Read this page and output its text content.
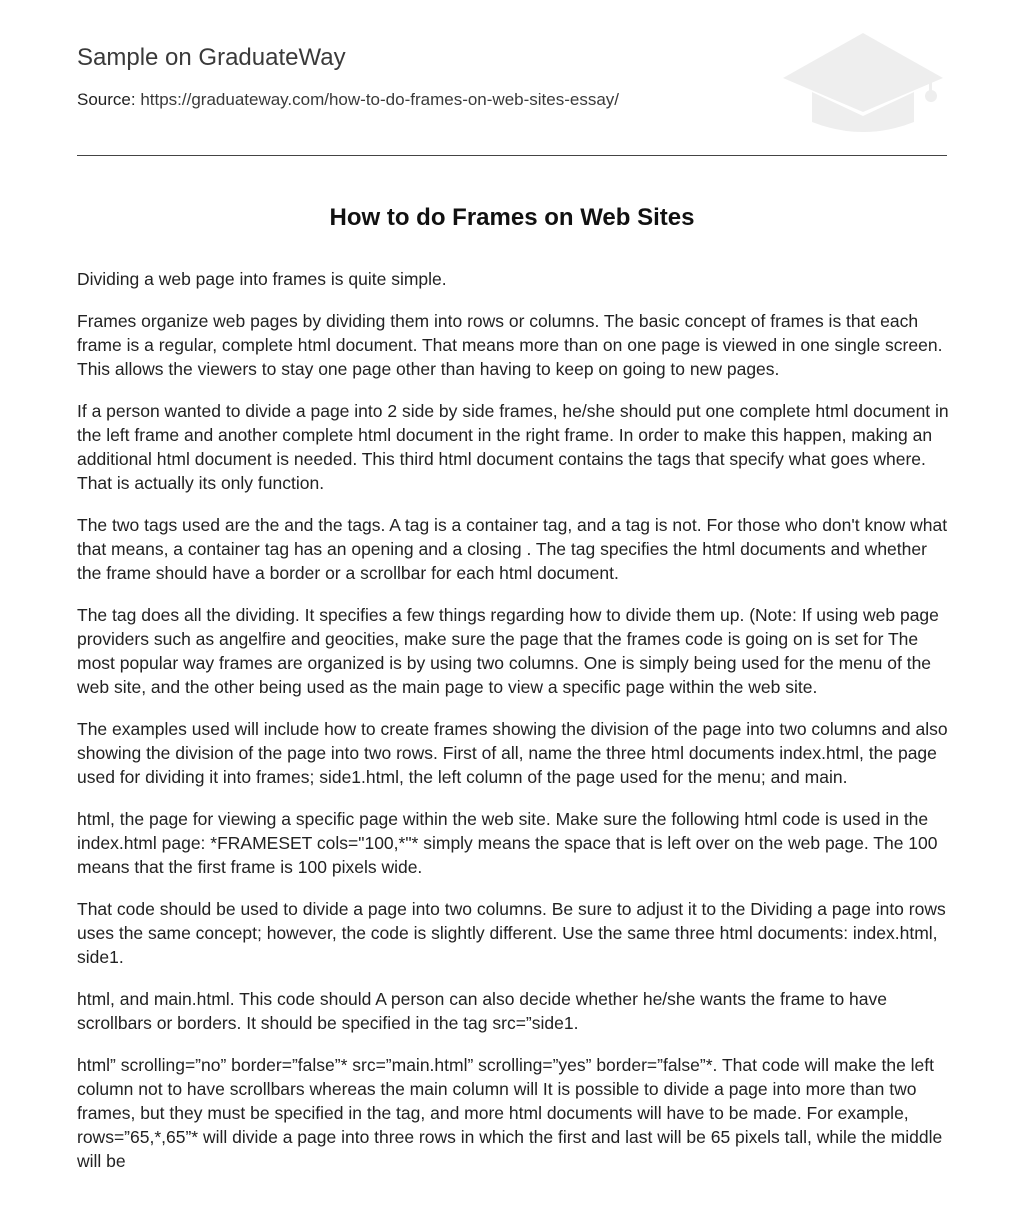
Sample on GraduateWay
Source: https://graduateway.com/how-to-do-frames-on-web-sites-essay/
How to do Frames on Web Sites

Dividing a web page into frames is quite simple.

Frames organize web pages by dividing them into rows or columns. The basic concept of frames is that each frame is a regular, complete html document. That means more than on one page is viewed in one single screen. This allows the viewers to stay one page other than having to keep on going to new pages.

If a person wanted to divide a page into 2 side by side frames, he/she should put one complete html document in the left frame and another complete html document in the right frame. In order to make this happen, making an additional html document is needed. This third html document contains the tags that specify what goes where. That is actually its only function.

The two tags used are the and the tags. A tag is a container tag, and a tag is not. For those who don't know what that means, a container tag has an opening and a closing . The tag specifies the html documents and whether the frame should have a border or a scrollbar for each html document.

The tag does all the dividing. It specifies a few things regarding how to divide them up. (Note: If using web page providers such as angelfire and geocities, make sure the page that the frames code is going on is set for The most popular way frames are organized is by using two columns. One is simply being used for the menu of the web site, and the other being used as the main page to view a specific page within the web site.

The examples used will include how to create frames showing the division of the page into two columns and also showing the division of the page into two rows. First of all, name the three html documents index.html, the page used for dividing it into frames; side1.html, the left column of the page used for the menu; and main.

html, the page for viewing a specific page within the web site. Make sure the following html code is used in the index.html page: *FRAMESET cols="100,*"* simply means the space that is left over on the web page. The 100 means that the first frame is 100 pixels wide.

That code should be used to divide a page into two columns. Be sure to adjust it to the Dividing a page into rows uses the same concept; however, the code is slightly different. Use the same three html documents: index.html, side1.

html, and main.html. This code should A person can also decide whether he/she wants the frame to have scrollbars or borders. It should be specified in the tag src=”side1.

html” scrolling=”no” border=”false”* src=”main.html” scrolling=”yes” border=”false”*. That code will make the left column not to have scrollbars whereas the main column will It is possible to divide a page into more than two frames, but they must be specified in the tag, and more html documents will have to be made. For example, rows=”65,*,65”* will divide a page into three rows in which the first and last will be 65 pixels tall, while the middle will be
